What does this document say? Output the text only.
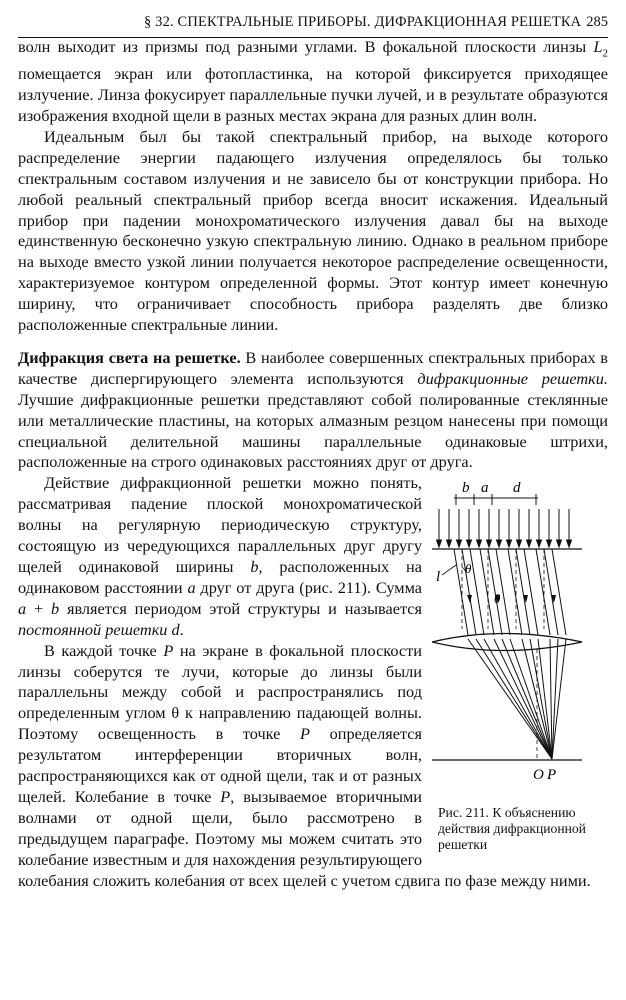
§ 32. СПЕКТРАЛЬНЫЕ ПРИБОРЫ. ДИФРАКЦИОННАЯ РЕШЕТКА 285

волн выходит из призмы под разными углами. В фокальной плоскости линзы $L_2$ помещается экран или фотопластинка, на которой фиксируется приходящее излучение. Линза фокусирует параллельные пучки лучей, и в результате образуются изображения входной щели в разных местах экрана для разных длин волн.

Идеальным был бы такой спектральный прибор, на выходе которого распределение энергии падающего излучения определялось бы только спектральным составом излучения и не зависело бы от конструкции прибора. Но любой реальный спектральный прибор всегда вносит искажения. Идеальный прибор при падении монохроматического излучения давал бы на выходе единственную бесконечно узкую спектральную линию. Однако в реальном приборе на выходе вместо узкой линии получается некоторое распределение освещенности, характеризуемое контуром определенной формы. Этот контур имеет конечную ширину, что ограничивает способность прибора разделять две близко расположенные спектральные линии.

Дифракция света на решетке. В наиболее совершенных спектральных приборах в качестве диспергирующего элемента используются дифракционные решетки. Лучшие дифракционные решетки представляют собой полированные стеклянные или металлические пластины, на которых алмазным резцом нанесены при помощи специальной делительной машины параллельные одинаковые штрихи, расположенные на строго одинаковых расстояниях друг от друга.

b a d
l
θ
θ
O P
Рис. 211. К объяснению действия дифракционной решетки

Действие дифракционной решетки можно понять, рассматривая падение плоской монохроматической волны на регулярную периодическую структуру, состоящую из чередующихся параллельных друг другу щелей одинаковой ширины b, расположенных на одинаковом расстоянии a друг от друга (рис. 211). Сумма a + b является периодом этой структуры и называется постоянной решетки d.

В каждой точке P на экране в фокальной плоскости линзы соберутся те лучи, которые до линзы были параллельны между собой и распространялись под определенным углом θ к направлению падающей волны. Поэтому освещенность в точке P определяется результатом интерференции вторичных волн, распространяющихся как от одной щели, так и от разных щелей. Колебание в точке P, вызываемое вторичными волнами от одной щели, было рассмотрено в предыдущем параграфе. Поэтому мы можем считать это колебание известным и для нахождения результирующего колебания сложить колебания от всех щелей с учетом сдвига по фазе между ними.
